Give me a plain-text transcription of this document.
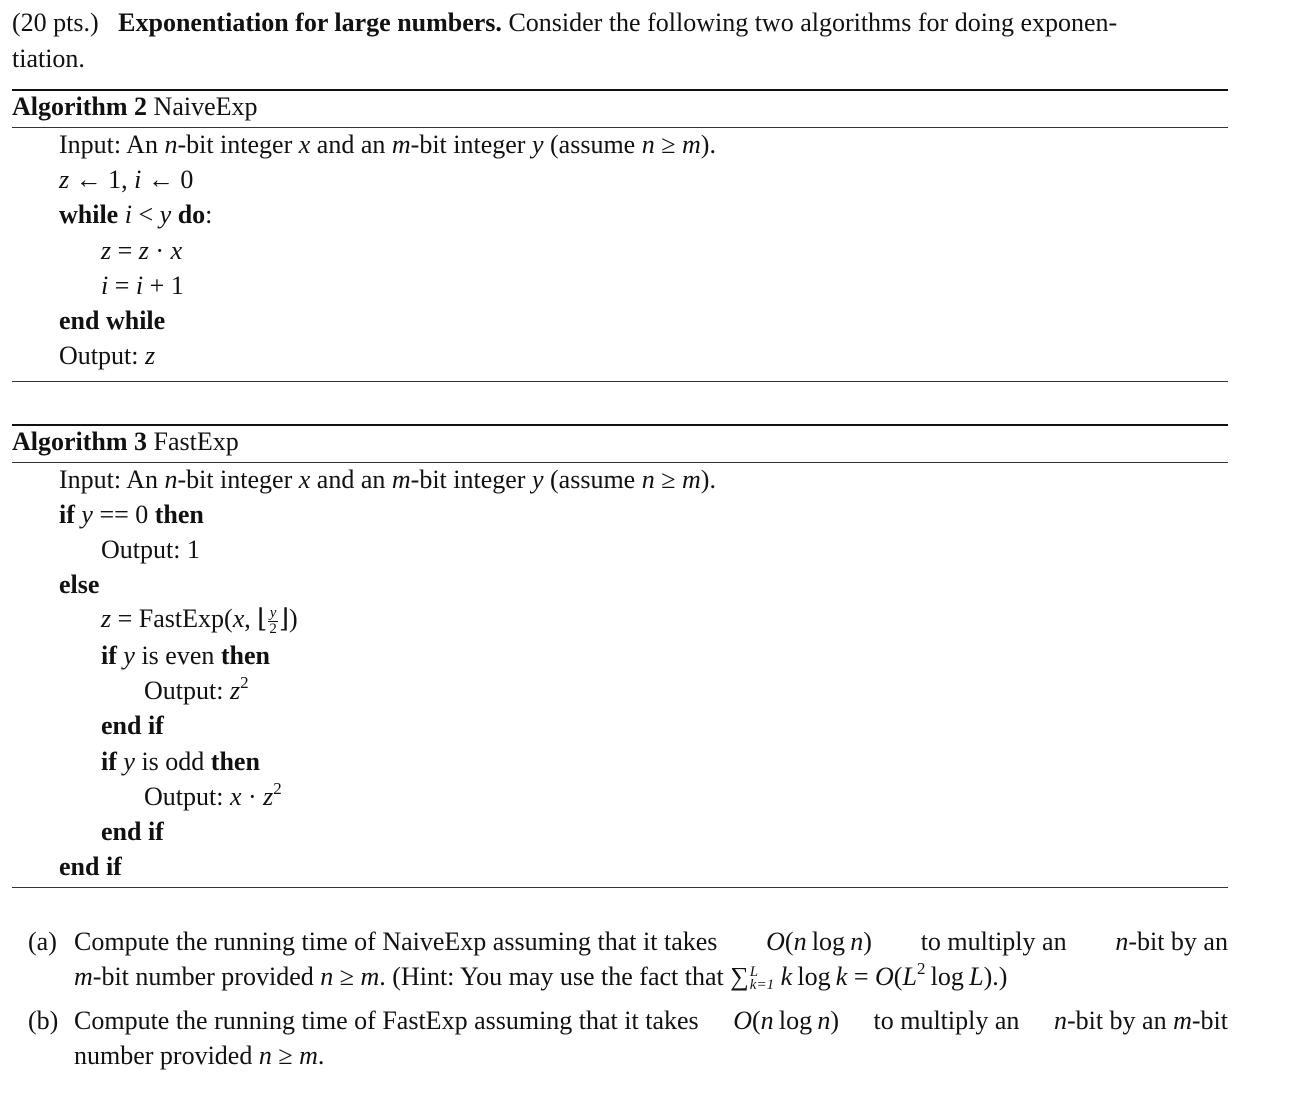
(20 pts.) Exponentiation for large numbers. Consider the following two algorithms for doing exponen-
tiation.
Algorithm 2 NaiveExp
Input: An n-bit integer x and an m-bit integer y (assume n ≥ m).
z ← 1, i ← 0
while i < y do:
z = z · x
i = i + 1
end while
Output: z
Algorithm 3 FastExp
Input: An n-bit integer x and an m-bit integer y (assume n ≥ m).
if y == 0 then
Output: 1
else
z = FastExp(x, ⌊ $\frac{y}{2}$ ⌋)
if y is even then
Output: $z^2$
end if
if y is odd then
Output: $x \cdot z^2$
end if
end if
(a) Compute the running time of NaiveExp assuming that it takes O(n  log  n) to multiply an n-bit by an
m-bit number provided n ≥ m. (Hint: You may use the fact that ∑ L
k=1 k  $\log k = O(L^2$  log  L).)
(b) Compute the running time of FastExp assuming that it takes O(n  log  n) to multiply an n-bit by an m-bit
number provided n ≥ m.
